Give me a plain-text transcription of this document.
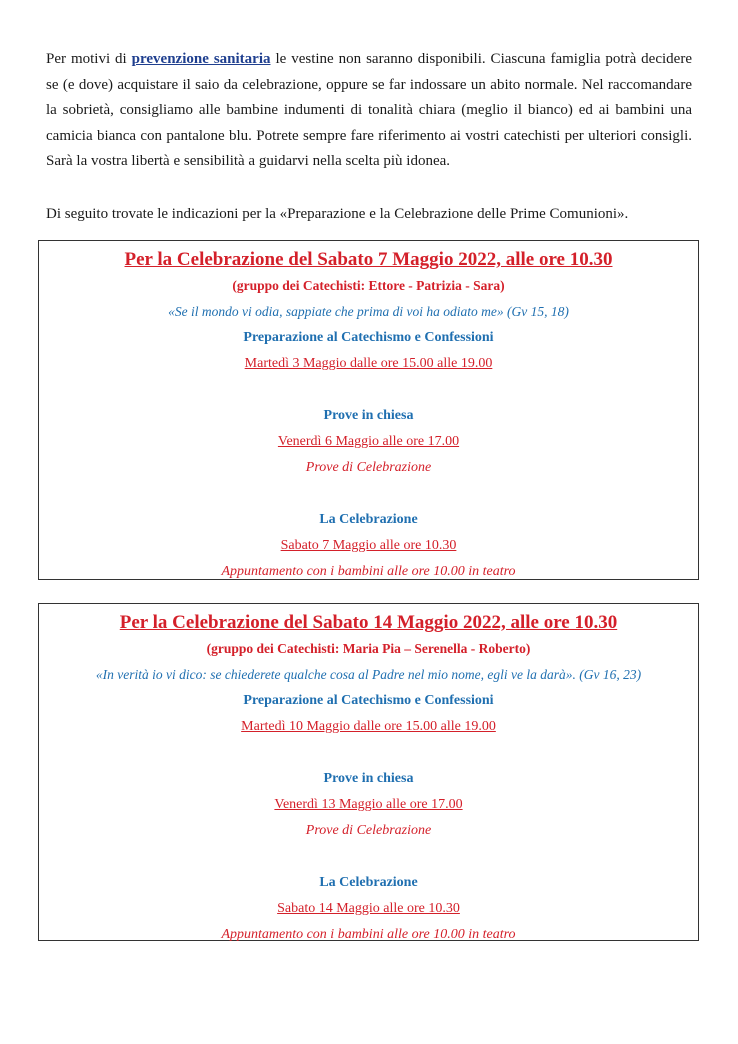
Per motivi di prevenzione sanitaria le vestine non saranno disponibili. Ciascuna famiglia potrà decidere se (e dove) acquistare il saio da celebrazione, oppure se far indossare un abito normale. Nel raccomandare la sobrietà, consigliamo alle bambine indumenti di tonalità chiara (meglio il bianco) ed ai bambini una camicia bianca con pantalone blu. Potrete sempre fare riferimento ai vostri catechisti per ulteriori consigli. Sarà la vostra libertà e sensibilità a guidarvi nella scelta più idonea.

Di seguito trovate le indicazioni per la «Preparazione e la Celebrazione delle Prime Comunioni».

Per la Celebrazione del Sabato 7 Maggio 2022, alle ore 10.30

(gruppo dei Catechisti: Ettore - Patrizia - Sara)

«Se il mondo vi odia, sappiate che prima di voi ha odiato me» (Gv 15, 18)

Preparazione al Catechismo e Confessioni

Martedì 3 Maggio dalle ore 15.00 alle 19.00

Prove in chiesa

Venerdì 6 Maggio alle ore 17.00

Prove di Celebrazione

La Celebrazione

Sabato 7 Maggio alle ore 10.30

Appuntamento con i bambini alle ore 10.00 in teatro

Per la Celebrazione del Sabato 14 Maggio 2022, alle ore 10.30

(gruppo dei Catechisti: Maria Pia – Serenella - Roberto)

«In verità io vi dico: se chiederete qualche cosa al Padre nel mio nome, egli ve la darà». (Gv 16, 23)

Preparazione al Catechismo e Confessioni

Martedì 10 Maggio dalle ore 15.00 alle 19.00

Prove in chiesa

Venerdì 13 Maggio alle ore 17.00

Prove di Celebrazione

La Celebrazione

Sabato 14 Maggio alle ore 10.30

Appuntamento con i bambini alle ore 10.00 in teatro
